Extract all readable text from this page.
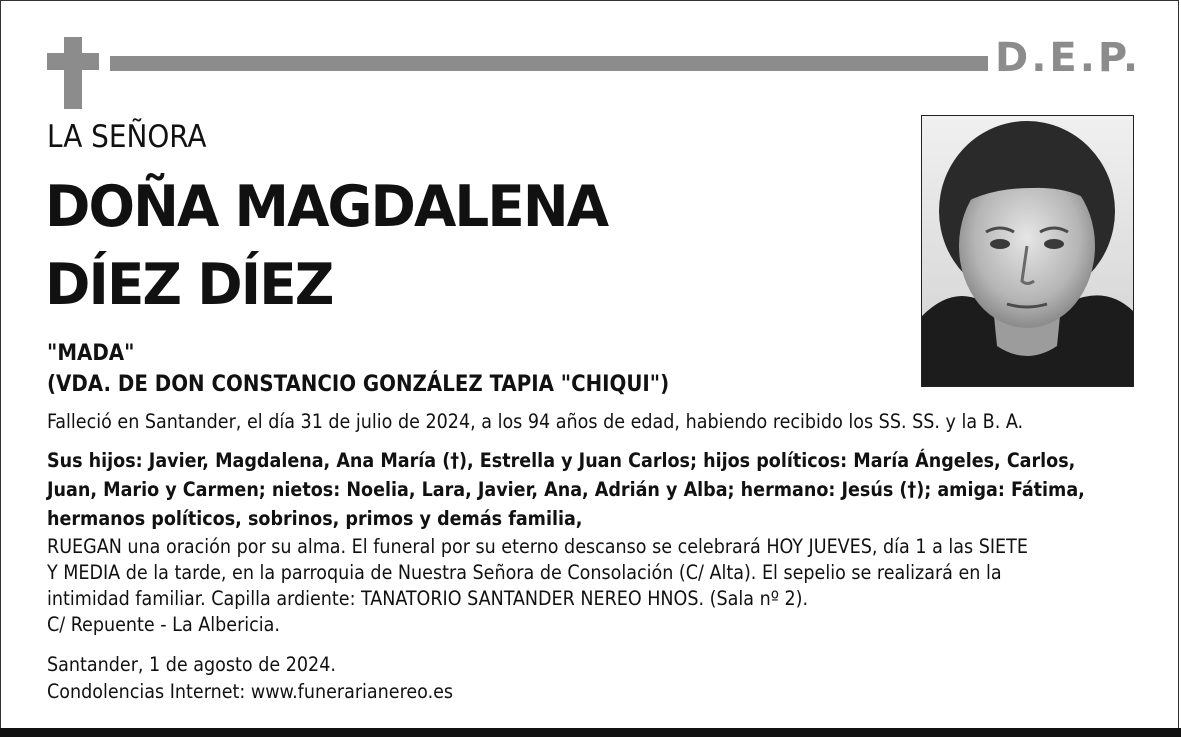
D.E.P.
LA SEÑORA
DOÑA MAGDALENA
DÍEZ DÍEZ
"MADA"
(VDA. DE DON CONSTANCIO GONZÁLEZ TAPIA "CHIQUI")
Falleció en Santander, el día 31 de julio de 2024, a los 94 años de edad, habiendo recibido los SS. SS. y la B. A.
Sus hijos: Javier, Magdalena, Ana María (†), Estrella y Juan Carlos; hijos políticos: María Ángeles, Carlos,
Juan, Mario y Carmen; nietos: Noelia, Lara, Javier, Ana, Adrián y Alba; hermano: Jesús (†); amiga: Fátima,
hermanos políticos, sobrinos, primos y demás familia,
RUEGAN una oración por su alma. El funeral por su eterno descanso se celebrará HOY JUEVES, día 1 a las SIETE
Y MEDIA de la tarde, en la parroquia de Nuestra Señora de Consolación (C/ Alta). El sepelio se realizará en la
intimidad familiar. Capilla ardiente: TANATORIO SANTANDER NEREO HNOS. (Sala nº 2).
C/ Repuente - La Albericia.
Santander, 1 de agosto de 2024.
Condolencias Internet: www.funerarianereo.es
